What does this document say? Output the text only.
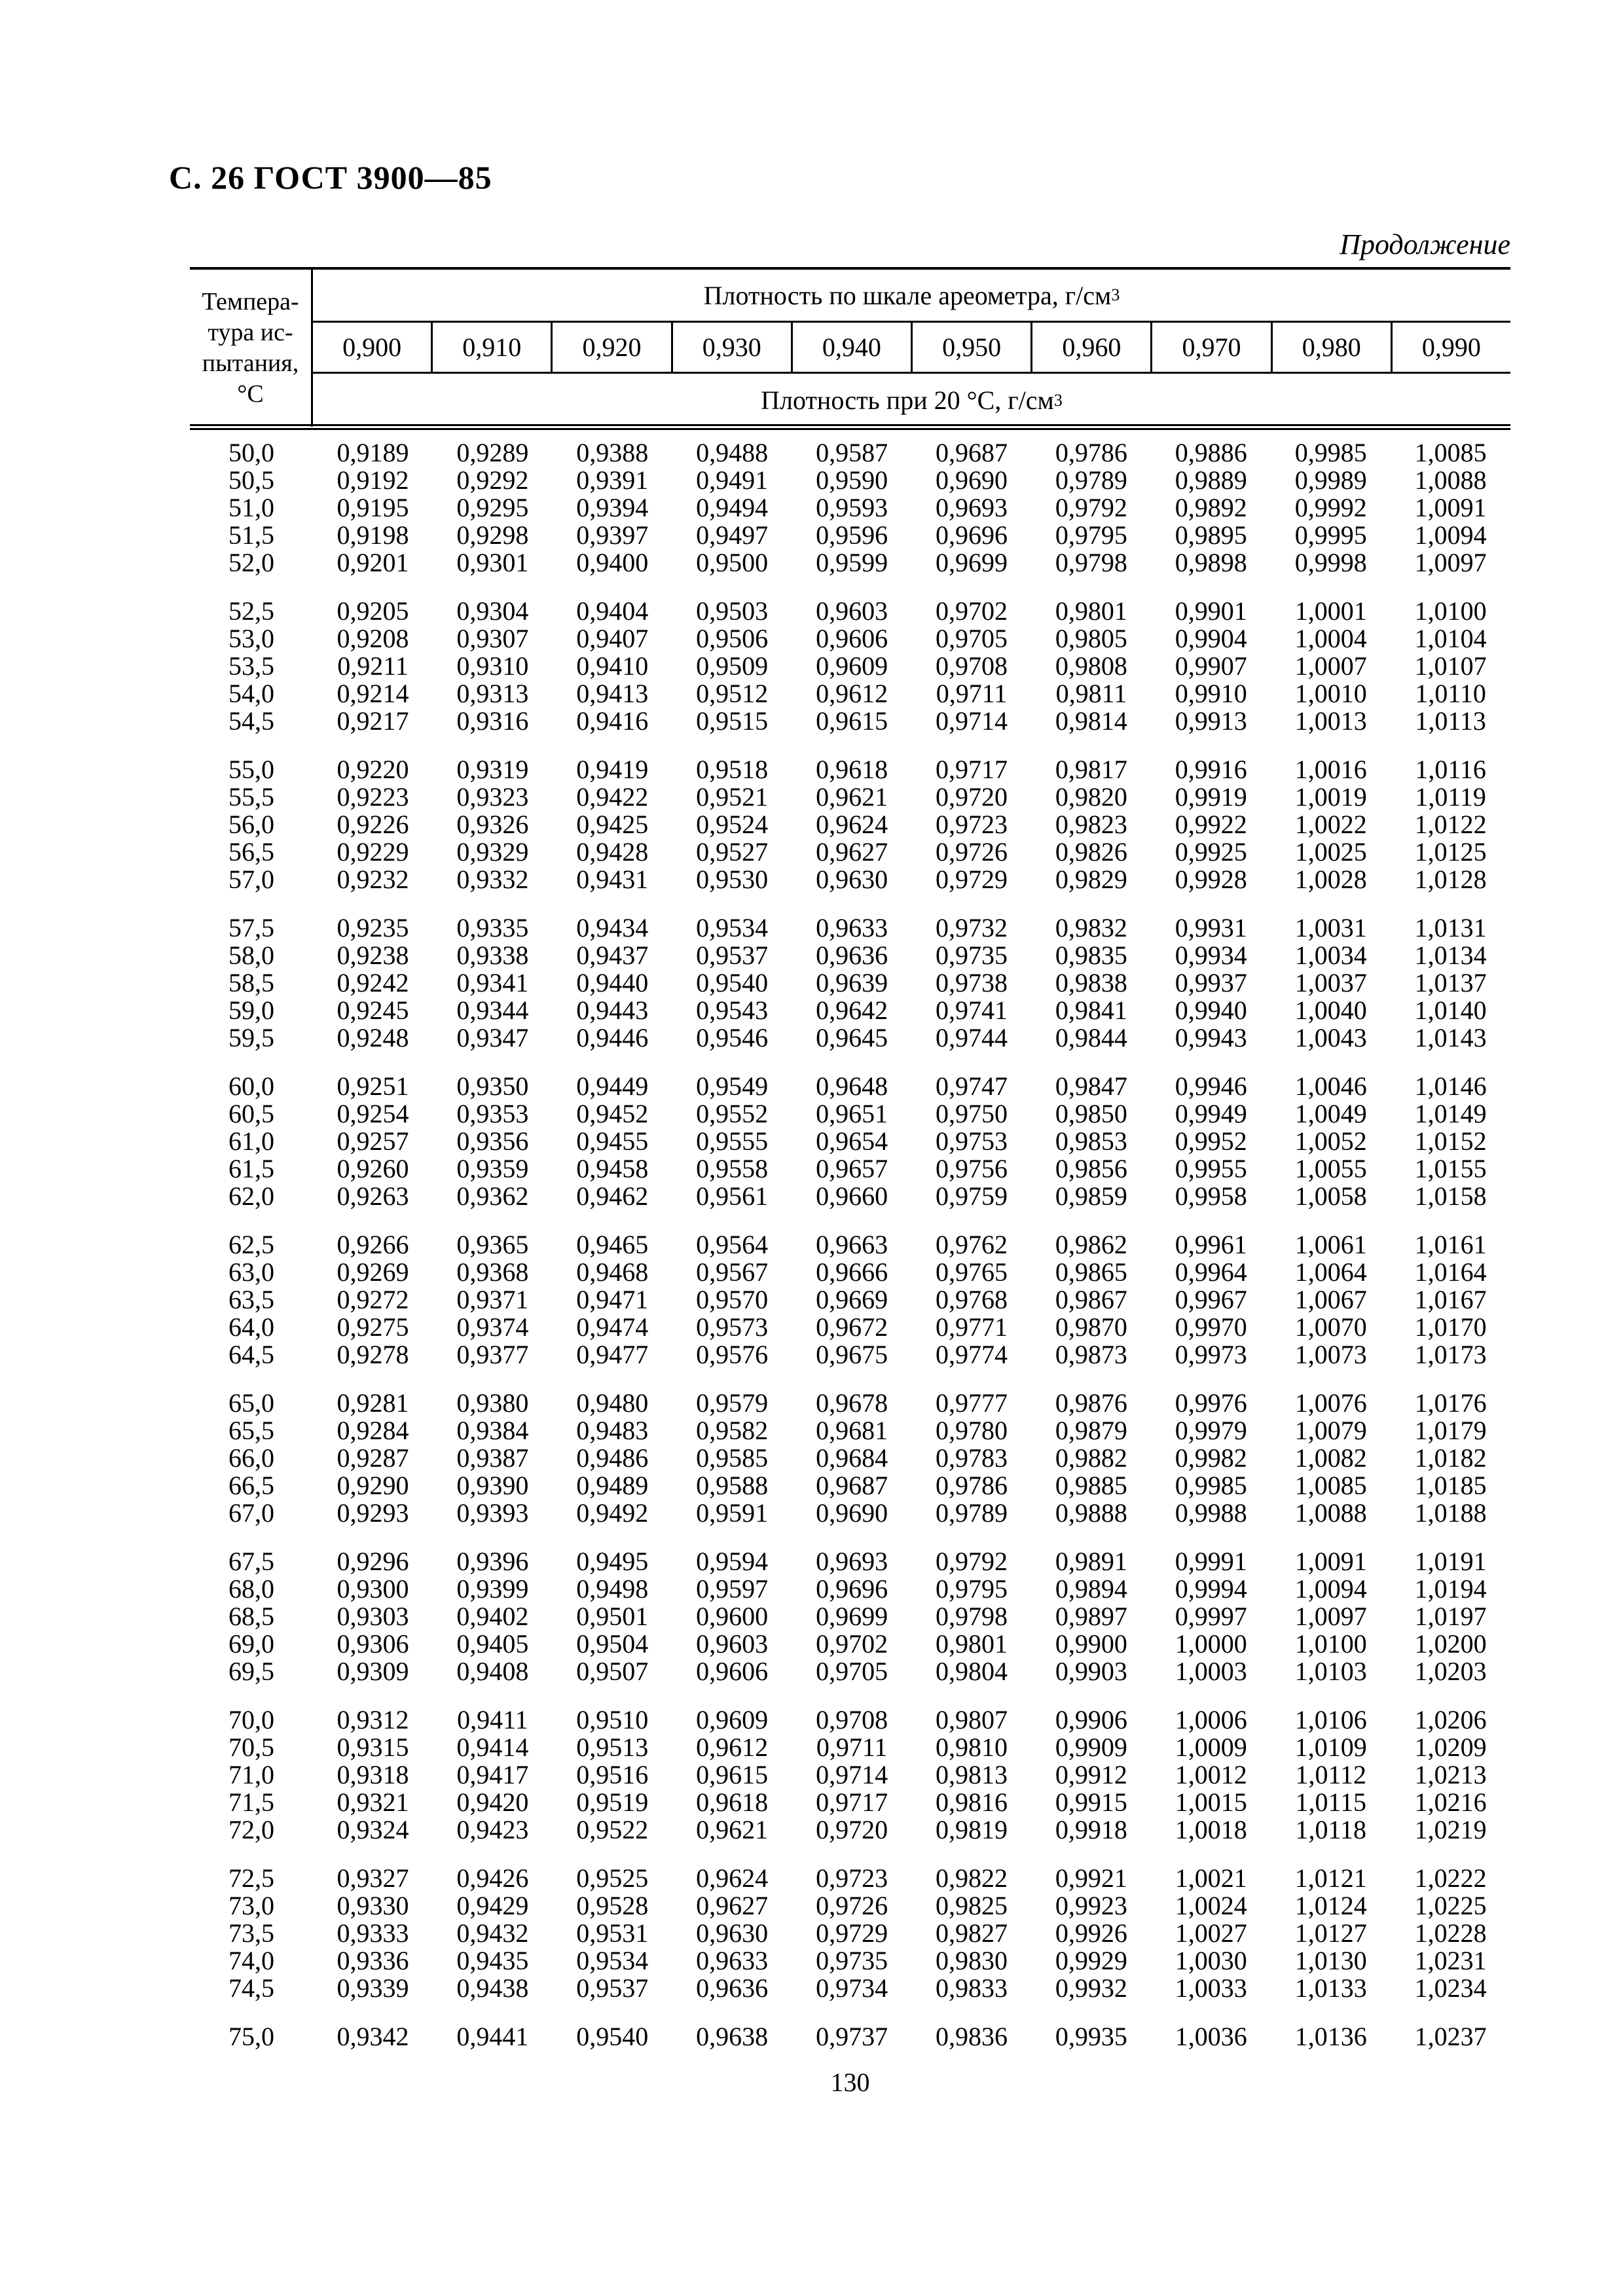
С. 26 ГОСТ 3900—85
Продолжение
Темпера-
тура ис-
пытания,
°С
Плотность по шкале ареометра, г/см 3
0,900	0,910	0,920	0,930	0,940	0,950	0,960	0,970	0,980	0,990
Плотность при 20 °С, г/см 3
50,0	0,9189	0,9289	0,9388	0,9488	0,9587	0,9687	0,9786	0,9886	0,9985	1,0085
50,5	0,9192	0,9292	0,9391	0,9491	0,9590	0,9690	0,9789	0,9889	0,9989	1,0088
51,0	0,9195	0,9295	0,9394	0,9494	0,9593	0,9693	0,9792	0,9892	0,9992	1,0091
51,5	0,9198	0,9298	0,9397	0,9497	0,9596	0,9696	0,9795	0,9895	0,9995	1,0094
52,0	0,9201	0,9301	0,9400	0,9500	0,9599	0,9699	0,9798	0,9898	0,9998	1,0097
52,5	0,9205	0,9304	0,9404	0,9503	0,9603	0,9702	0,9801	0,9901	1,0001	1,0100
53,0	0,9208	0,9307	0,9407	0,9506	0,9606	0,9705	0,9805	0,9904	1,0004	1,0104
53,5	0,9211	0,9310	0,9410	0,9509	0,9609	0,9708	0,9808	0,9907	1,0007	1,0107
54,0	0,9214	0,9313	0,9413	0,9512	0,9612	0,9711	0,9811	0,9910	1,0010	1,0110
54,5	0,9217	0,9316	0,9416	0,9515	0,9615	0,9714	0,9814	0,9913	1,0013	1,0113
55,0	0,9220	0,9319	0,9419	0,9518	0,9618	0,9717	0,9817	0,9916	1,0016	1,0116
55,5	0,9223	0,9323	0,9422	0,9521	0,9621	0,9720	0,9820	0,9919	1,0019	1,0119
56,0	0,9226	0,9326	0,9425	0,9524	0,9624	0,9723	0,9823	0,9922	1,0022	1,0122
56,5	0,9229	0,9329	0,9428	0,9527	0,9627	0,9726	0,9826	0,9925	1,0025	1,0125
57,0	0,9232	0,9332	0,9431	0,9530	0,9630	0,9729	0,9829	0,9928	1,0028	1,0128
57,5	0,9235	0,9335	0,9434	0,9534	0,9633	0,9732	0,9832	0,9931	1,0031	1,0131
58,0	0,9238	0,9338	0,9437	0,9537	0,9636	0,9735	0,9835	0,9934	1,0034	1,0134
58,5	0,9242	0,9341	0,9440	0,9540	0,9639	0,9738	0,9838	0,9937	1,0037	1,0137
59,0	0,9245	0,9344	0,9443	0,9543	0,9642	0,9741	0,9841	0,9940	1,0040	1,0140
59,5	0,9248	0,9347	0,9446	0,9546	0,9645	0,9744	0,9844	0,9943	1,0043	1,0143
60,0	0,9251	0,9350	0,9449	0,9549	0,9648	0,9747	0,9847	0,9946	1,0046	1,0146
60,5	0,9254	0,9353	0,9452	0,9552	0,9651	0,9750	0,9850	0,9949	1,0049	1,0149
61,0	0,9257	0,9356	0,9455	0,9555	0,9654	0,9753	0,9853	0,9952	1,0052	1,0152
61,5	0,9260	0,9359	0,9458	0,9558	0,9657	0,9756	0,9856	0,9955	1,0055	1,0155
62,0	0,9263	0,9362	0,9462	0,9561	0,9660	0,9759	0,9859	0,9958	1,0058	1,0158
62,5	0,9266	0,9365	0,9465	0,9564	0,9663	0,9762	0,9862	0,9961	1,0061	1,0161
63,0	0,9269	0,9368	0,9468	0,9567	0,9666	0,9765	0,9865	0,9964	1,0064	1,0164
63,5	0,9272	0,9371	0,9471	0,9570	0,9669	0,9768	0,9867	0,9967	1,0067	1,0167
64,0	0,9275	0,9374	0,9474	0,9573	0,9672	0,9771	0,9870	0,9970	1,0070	1,0170
64,5	0,9278	0,9377	0,9477	0,9576	0,9675	0,9774	0,9873	0,9973	1,0073	1,0173
65,0	0,9281	0,9380	0,9480	0,9579	0,9678	0,9777	0,9876	0,9976	1,0076	1,0176
65,5	0,9284	0,9384	0,9483	0,9582	0,9681	0,9780	0,9879	0,9979	1,0079	1,0179
66,0	0,9287	0,9387	0,9486	0,9585	0,9684	0,9783	0,9882	0,9982	1,0082	1,0182
66,5	0,9290	0,9390	0,9489	0,9588	0,9687	0,9786	0,9885	0,9985	1,0085	1,0185
67,0	0,9293	0,9393	0,9492	0,9591	0,9690	0,9789	0,9888	0,9988	1,0088	1,0188
67,5	0,9296	0,9396	0,9495	0,9594	0,9693	0,9792	0,9891	0,9991	1,0091	1,0191
68,0	0,9300	0,9399	0,9498	0,9597	0,9696	0,9795	0,9894	0,9994	1,0094	1,0194
68,5	0,9303	0,9402	0,9501	0,9600	0,9699	0,9798	0,9897	0,9997	1,0097	1,0197
69,0	0,9306	0,9405	0,9504	0,9603	0,9702	0,9801	0,9900	1,0000	1,0100	1,0200
69,5	0,9309	0,9408	0,9507	0,9606	0,9705	0,9804	0,9903	1,0003	1,0103	1,0203
70,0	0,9312	0,9411	0,9510	0,9609	0,9708	0,9807	0,9906	1,0006	1,0106	1,0206
70,5	0,9315	0,9414	0,9513	0,9612	0,9711	0,9810	0,9909	1,0009	1,0109	1,0209
71,0	0,9318	0,9417	0,9516	0,9615	0,9714	0,9813	0,9912	1,0012	1,0112	1,0213
71,5	0,9321	0,9420	0,9519	0,9618	0,9717	0,9816	0,9915	1,0015	1,0115	1,0216
72,0	0,9324	0,9423	0,9522	0,9621	0,9720	0,9819	0,9918	1,0018	1,0118	1,0219
72,5	0,9327	0,9426	0,9525	0,9624	0,9723	0,9822	0,9921	1,0021	1,0121	1,0222
73,0	0,9330	0,9429	0,9528	0,9627	0,9726	0,9825	0,9923	1,0024	1,0124	1,0225
73,5	0,9333	0,9432	0,9531	0,9630	0,9729	0,9827	0,9926	1,0027	1,0127	1,0228
74,0	0,9336	0,9435	0,9534	0,9633	0,9735	0,9830	0,9929	1,0030	1,0130	1,0231
74,5	0,9339	0,9438	0,9537	0,9636	0,9734	0,9833	0,9932	1,0033	1,0133	1,0234
75,0	0,9342	0,9441	0,9540	0,9638	0,9737	0,9836	0,9935	1,0036	1,0136	1,0237
130
